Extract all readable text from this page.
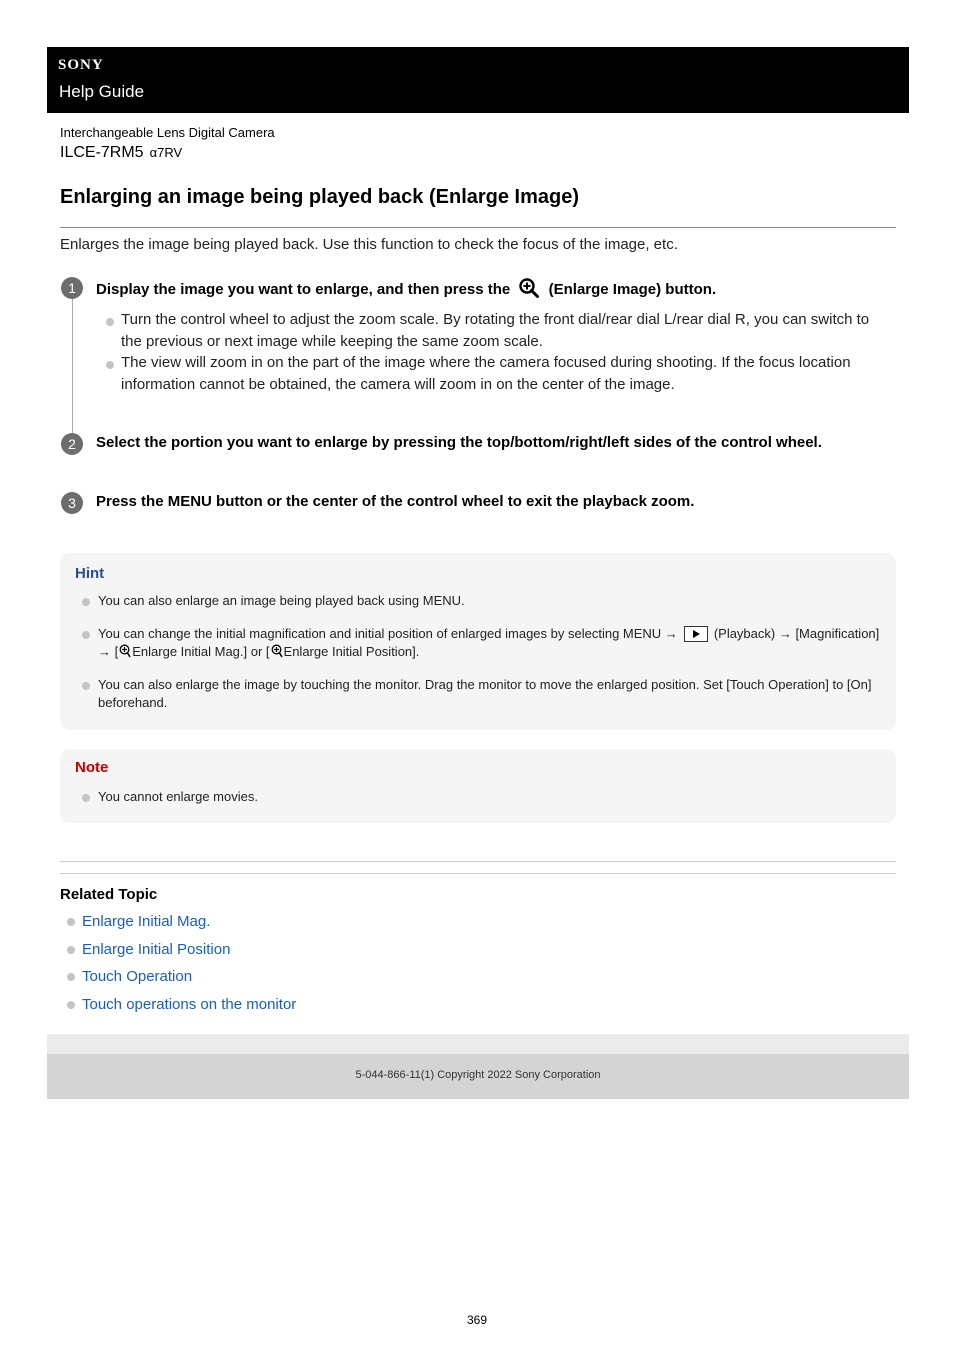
SONY
Help Guide
Interchangeable Lens Digital Camera
ILCE-7RM5 α7RV
Enlarging an image being played back (Enlarge Image)
Enlarges the image being played back. Use this function to check the focus of the image, etc.
1	Display the image you want to enlarge, and then press the	(Enlarge Image) button.
Turn the control wheel to adjust the zoom scale. By rotating the front dial/rear dial L/rear dial R, you can switch to the previous or next image while keeping the same zoom scale.
The view will zoom in on the part of the image where the camera focused during shooting. If the focus location information cannot be obtained, the camera will zoom in on the center of the image.
2	Select the portion you want to enlarge by pressing the top/bottom/right/left sides of the control wheel.
3	Press the MENU button or the center of the control wheel to exit the playback zoom.
Hint
You can also enlarge an image being played back using MENU.
You can change the initial magnification and initial position of enlarged images by selecting MENU →	(Playback) → [Magnification] → [ Enlarge Initial Mag.] or [ Enlarge Initial Position].
You can also enlarge the image by touching the monitor. Drag the monitor to move the enlarged position. Set [Touch Operation] to [On] beforehand.
Note
You cannot enlarge movies.
Related Topic
Enlarge Initial Mag.
Enlarge Initial Position
Touch Operation
Touch operations on the monitor
5-044-866-11(1) Copyright 2022 Sony Corporation
369
